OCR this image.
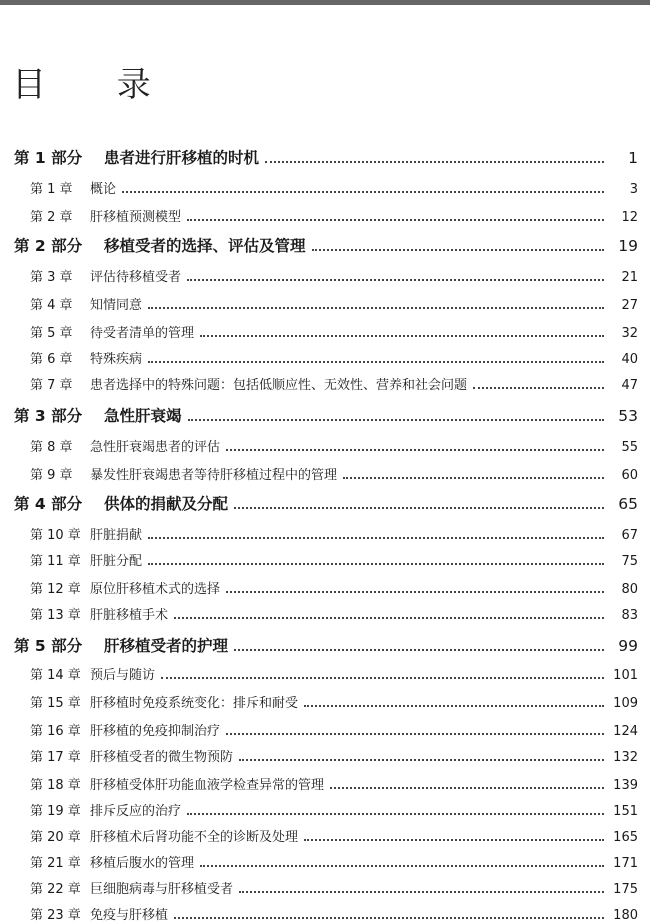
目 录
第 1 部分	患者进行肝移植的时机	1
第 1 章	概论	3
第 2 章	肝移植预测模型	12
第 2 部分	移植受者的选择、评估及管理	19
第 3 章	评估待移植受者	21
第 4 章	知情同意	27
第 5 章	待受者清单的管理	32
第 6 章	特殊疾病	40
第 7 章	患者选择中的特殊问题：包括低顺应性、无效性、营养和社会问题	47
第 3 部分	急性肝衰竭	53
第 8 章	急性肝衰竭患者的评估	55
第 9 章	暴发性肝衰竭患者等待肝移植过程中的管理	60
第 4 部分	供体的捐献及分配	65
第 10 章 肝脏捐献	67
第 11 章 肝脏分配	75
第 12 章 原位肝移植术式的选择	80
第 13 章 肝脏移植手术	83
第 5 部分	肝移植受者的护理	99
第 14 章 预后与随访	101
第 15 章 肝移植时免疫系统变化：排斥和耐受	109
第 16 章 肝移植的免疫抑制治疗	124
第 17 章 肝移植受者的微生物预防	132
第 18 章 肝移植受体肝功能血液学检查异常的管理	139
第 19 章 排斥反应的治疗	151
第 20 章 肝移植术后肾功能不全的诊断及处理	165
第 21 章 移植后腹水的管理	171
第 22 章 巨细胞病毒与肝移植受者	175
第 23 章 免疫与肝移植	180
